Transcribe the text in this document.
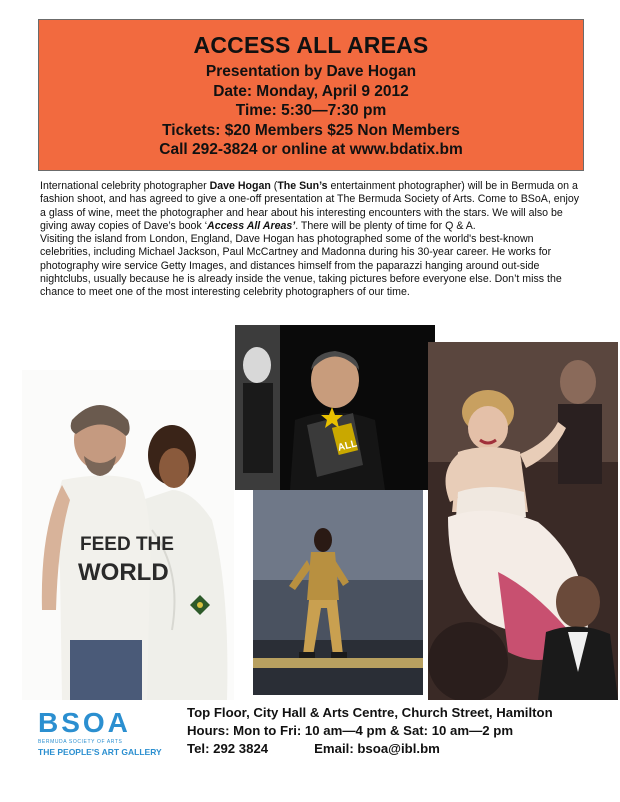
ACCESS ALL AREAS
Presentation by Dave Hogan
Date: Monday, April 9 2012
Time: 5:30—7:30 pm
Tickets: $20 Members $25 Non Members
Call 292-3824 or online at www.bdatix.bm

International celebrity photographer Dave Hogan (The Sun’s entertainment photographer) will be in Bermuda on a fashion shoot, and has agreed to give a one-off presentation at The Bermuda Society of Arts. Come to BSoA, enjoy a glass of wine, meet the photographer and hear about his interesting encounters with the stars. We will also be giving away copies of Dave’s book ‘Access All Areas’. There will be plenty of time for Q & A.

Visiting the island from London, England, Dave Hogan has photographed some of the world's best-known celebrities, including Michael Jackson, Paul McCartney and Madonna during his 30-year career. He works for photography wire service Getty Images, and distances himself from the paparazzi hanging around out-side nightclubs, usually because he is already inside the venue, taking pictures before everyone else. Don’t miss the chance to meet one of the most interesting celebrity photographers of our time.

FEED THE
WORLD
ALL
BSOA
BERMUDA SOCIETY OF ARTS
THE PEOPLE'S ART GALLERY
Top Floor, City Hall & Arts Centre, Church Street, Hamilton
Hours: Mon to Fri: 10 am—4 pm & Sat: 10 am—2 pm
Tel: 292 3824	Email: bsoa@ibl.bm
